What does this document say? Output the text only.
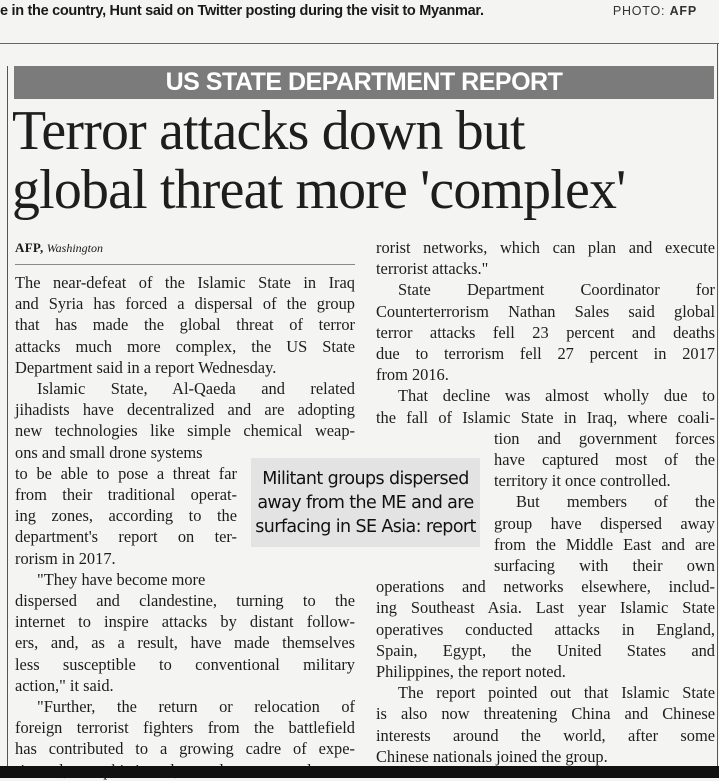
e in the country, Hunt said on Twitter posting during the visit to Myanmar.	PHOTO: AFP
US STATE DEPARTMENT REPORT
Terror attacks down but
global threat more 'complex'
AFP, Washington
The near-defeat of the Islamic State in Iraq
and Syria has forced a dispersal of the group
that has made the global threat of terror
attacks much more complex, the US State
Department said in a report Wednesday.
Islamic State, Al-Qaeda and related
jihadists have decentralized and are adopting
new technologies like simple chemical weap-
ons and small drone systems
to be able to pose a threat far
from their traditional operat-
ing zones, according to the
department's report on ter-
rorism in 2017.
"They have become more
dispersed and clandestine, turning to the
internet to inspire attacks by distant follow-
ers, and, as a result, have made themselves
less susceptible to conventional military
action," it said.
"Further, the return or relocation of
foreign terrorist fighters from the battlefield
has contributed to a growing cadre of expe-
rorist networks, which can plan and execute
terrorist attacks."
State Department Coordinator for
Counterterrorism Nathan Sales said global
terror attacks fell 23 percent and deaths
due to terrorism fell 27 percent in 2017
from 2016.
That decline was almost wholly due to
the fall of Islamic State in Iraq, where coali-
tion and government forces
have captured most of the
territory it once controlled.
But members of the
group have dispersed away
from the Middle East and are
surfacing with their own
operations and networks elsewhere, includ-
ing Southeast Asia. Last year Islamic State
operatives conducted attacks in England,
Spain, Egypt, the United States and
Philippines, the report noted.
The report pointed out that Islamic State
is also now threatening China and Chinese
interests around the world, after some
Chinese nationals joined the group.
Militant groups dispersed
away from the ME and are
surfacing in SE Asia: report
